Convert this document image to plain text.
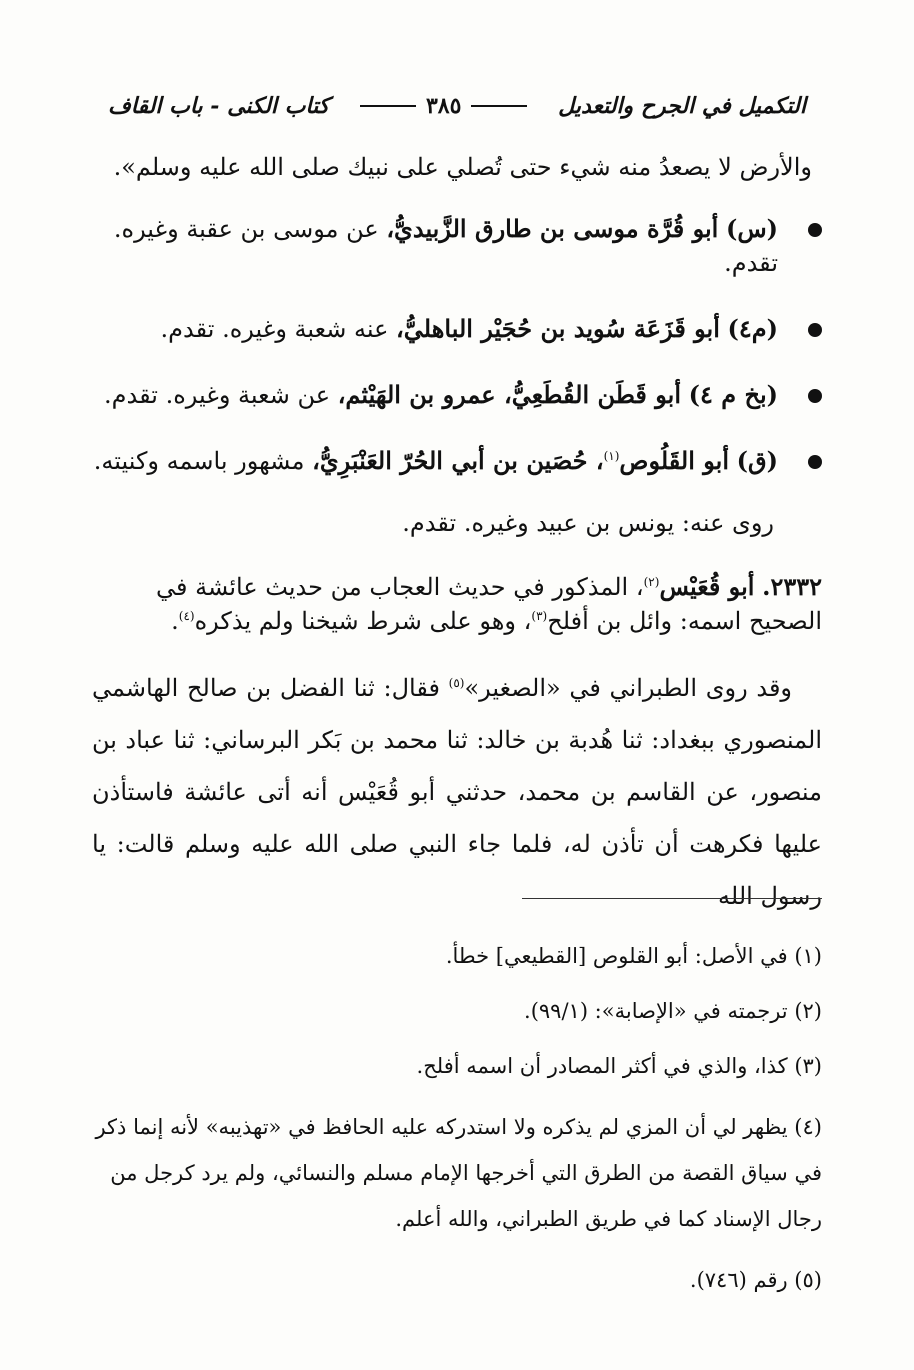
التكميل في الجرح والتعديل
٣٨٥
كتاب الكنى - باب القاف

والأرض لا يصعدُ منه شيء حتى تُصلي على نبيك صلى الله عليه وسلم».

(س) أبو قُرَّة موسى بن طارق الزَّبيديُّ، عن موسى بن عقبة وغيره. تقدم.
(م٤) أبو قَزَعَة سُويد بن حُجَيْر الباهليُّ، عنه شعبة وغيره. تقدم.
(بخ م ٤) أبو قَطَن القُطَعِيُّ، عمرو بن الهَيْثم، عن شعبة وغيره. تقدم.
(ق) أبو القَلُوص$^{(١)}$، حُصَين بن أبي الحُرّ العَنْبَرِيُّ، مشهور باسمه وكنيته.

روى عنه: يونس بن عبيد وغيره. تقدم.

٢٣٣٢. أبو قُعَيْس$^{(٢)}$، المذكور في حديث العجاب من حديث عائشة في الصحيح اسمه: وائل بن أفلح$^{(٣)}$، وهو على شرط شيخنا ولم يذكره$^{(٤)}$.

وقد روى الطبراني في «الصغير»$^{(٥)}$ فقال: ثنا الفضل بن صالح الهاشمي المنصوري ببغداد: ثنا هُدبة بن خالد: ثنا محمد بن بَكر البرساني: ثنا عباد بن منصور، عن القاسم بن محمد، حدثني أبو قُعَيْس أنه أتى عائشة فاستأذن عليها فكرهت أن تأذن له، فلما جاء النبي صلى الله عليه وسلم قالت: يا رسول الله

(١) في الأصل: أبو القلوص [القطيعي] خطأ.

(٢) ترجمته في «الإصابة»: (٩٩/١).

(٣) كذا، والذي في أكثر المصادر أن اسمه أفلح.

(٤) يظهر لي أن المزي لم يذكره ولا استدركه عليه الحافظ في «تهذيبه» لأنه إنما ذكر في سياق القصة من الطرق التي أخرجها الإمام مسلم والنسائي، ولم يرد كرجل من رجال الإسناد كما في طريق الطبراني، والله أعلم.

(٥) رقم (٧٤٦).
